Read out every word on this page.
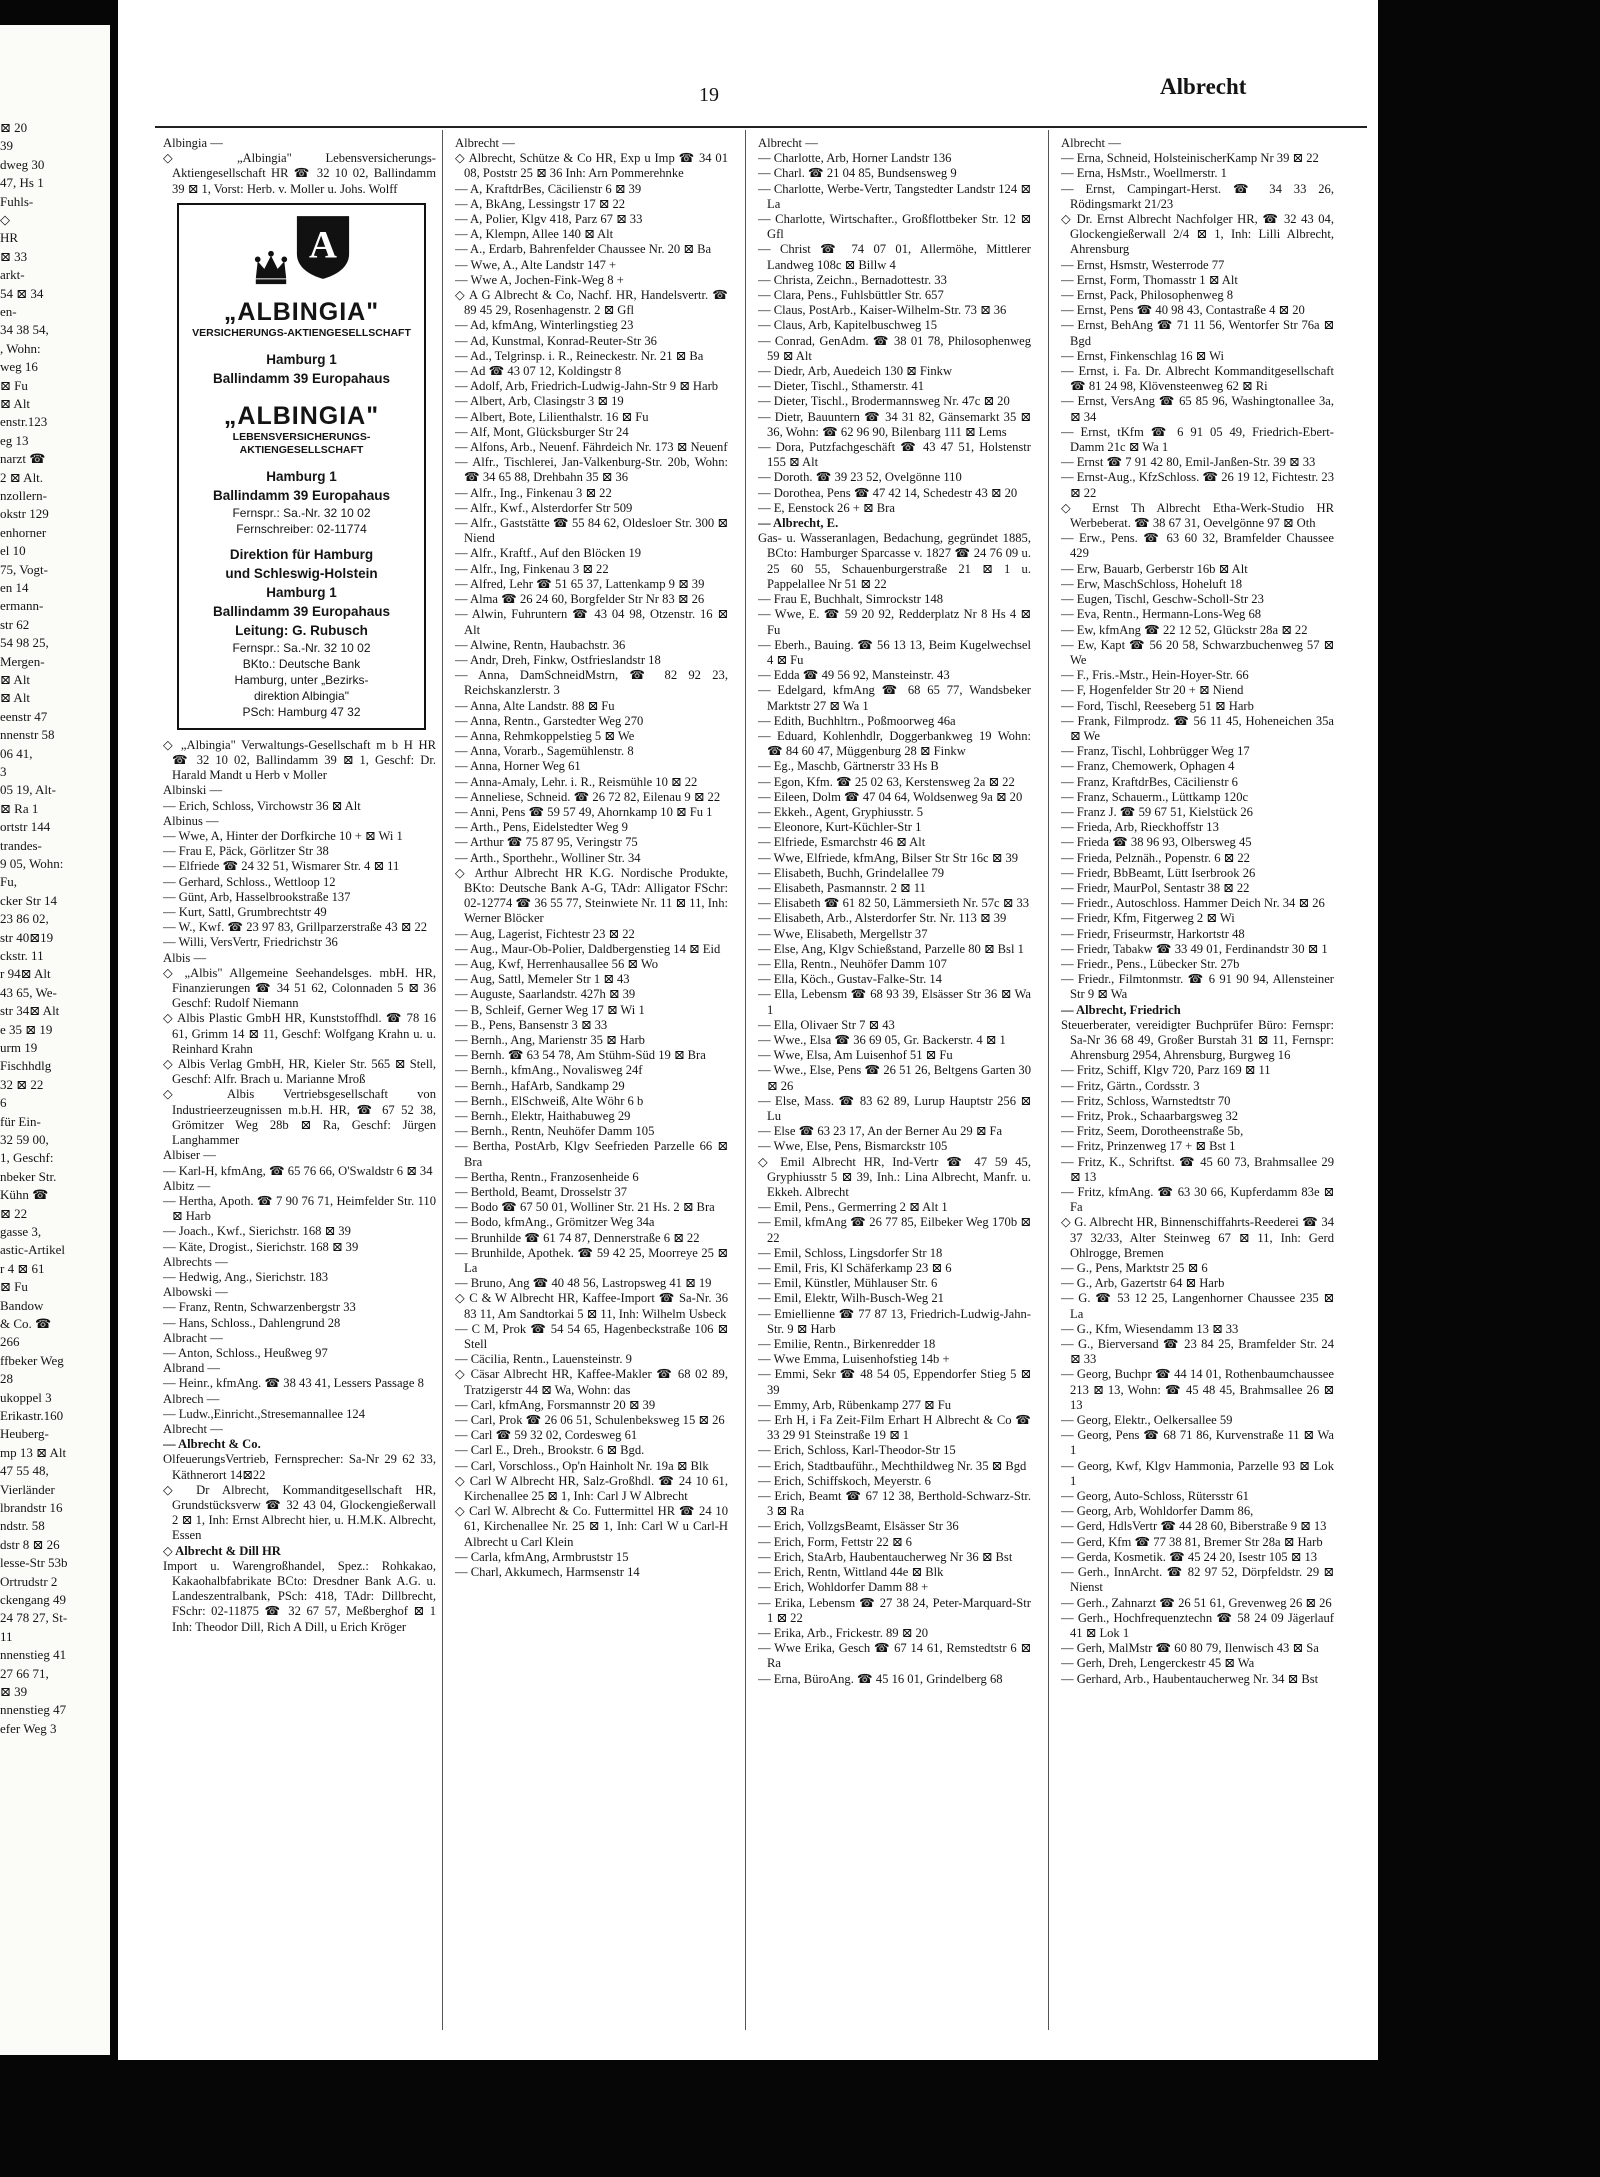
⊠ 20
39
dweg 30
47, Hs 1
Fuhls-
◇
HR
⊠ 33
arkt-
54 ⊠ 34
en-
34 38 54,
, Wohn:
weg 16
⊠ Fu
⊠ Alt
enstr.123
eg 13
narzt ☎
2 ⊠ Alt.
nzollern-
okstr 129
enhorner
el 10
75, Vogt-
en 14
ermann-
str 62
54 98 25,
Mergen-
⊠ Alt
⊠ Alt
eenstr 47
nnenstr 58
06 41,
3
05 19, Alt-
⊠ Ra 1
ortstr 144
trandes-
9 05, Wohn:
Fu,
cker Str 14
23 86 02,
str 40⊠19
ckstr. 11
r 94⊠ Alt
43 65, We-
str 34⊠ Alt
e 35 ⊠ 19
urm 19
Fischhdlg
32 ⊠ 22
6
für Ein-
32 59 00,
1, Geschf:
nbeker Str.
Kühn ☎
⊠ 22
gasse 3,
astic-Artikel
r 4 ⊠ 61
⊠ Fu
Bandow
& Co. ☎
266
ffbeker Weg
28
ukoppel 3
Erikastr.160
Heuberg-
mp 13 ⊠ Alt
47 55 48,
Vierländer
lbrandstr 16
ndstr. 58
dstr 8 ⊠ 26
lesse-Str 53b
Ortrudstr 2
ckengang 49
24 78 27, St-
11
nnenstieg 41
27 66 71,
⊠ 39
nnenstieg 47
efer Weg 3
19	Albrecht
Albingia —
◇ „Albingia" Lebensversicherungs-Aktiengesellschaft HR ☎ 32 10 02, Ballindamm 39 ⊠ 1, Vorst: Herb. v. Moller u. Johs. Wolff

A
„ALBINGIA"
VERSICHERUNGS-AKTIENGESELLSCHAFT
Hamburg 1
Ballindamm 39 Europahaus
„ALBINGIA"
LEBENSVERSICHERUNGS-
AKTIENGESELLSCHAFT
Hamburg 1
Ballindamm 39 Europahaus
Fernspr.: Sa.-Nr. 32 10 02
Fernschreiber: 02-11774
Direktion für Hamburg
und Schleswig-Holstein
Hamburg 1
Ballindamm 39 Europahaus
Leitung: G. Rubusch
Fernspr.: Sa.-Nr. 32 10 02
BKto.: Deutsche Bank
Hamburg, unter „Bezirks-
direktion Albingia"
PSch: Hamburg 47 32
◇ „Albingia" Verwaltungs-Gesellschaft m b H HR ☎ 32 10 02, Ballindamm 39 ⊠ 1, Geschf: Dr. Harald Mandt u Herb v Moller
Albinski —
— Erich, Schloss, Virchowstr 36 ⊠ Alt
Albinus —
— Wwe, A, Hinter der Dorfkirche 10 + ⊠ Wi 1
— Frau E, Päck, Görlitzer Str 38
— Elfriede ☎ 24 32 51, Wismarer Str. 4 ⊠ 11
— Gerhard, Schloss., Wettloop 12
— Günt, Arb, Hasselbrookstraße 137
— Kurt, Sattl, Grumbrechtstr 49
— W., Kwf. ☎ 23 97 83, Grillparzerstraße 43 ⊠ 22
— Willi, VersVertr, Friedrichstr 36
Albis —
◇ „Albis" Allgemeine Seehandelsges. mbH. HR, Finanzierungen ☎ 34 51 62, Colonnaden 5 ⊠ 36 Geschf: Rudolf Niemann
◇ Albis Plastic GmbH HR, Kunststoffhdl. ☎ 78 16 61, Grimm 14 ⊠ 11, Geschf: Wolfgang Krahn u. u. Reinhard Krahn
◇ Albis Verlag GmbH, HR, Kieler Str. 565 ⊠ Stell, Geschf: Alfr. Brach u. Marianne Mroß
◇ Albis Vertriebsgesellschaft von Industrieerzeugnissen m.b.H. HR, ☎ 67 52 38, Grömitzer Weg 28b ⊠ Ra, Geschf: Jürgen Langhammer
Albiser —
— Karl-H, kfmAng, ☎ 65 76 66, O'Swaldstr 6 ⊠ 34
Albitz —
— Hertha, Apoth. ☎ 7 90 76 71, Heimfelder Str. 110 ⊠ Harb
— Joach., Kwf., Sierichstr. 168 ⊠ 39
— Käte, Drogist., Sierichstr. 168 ⊠ 39
Albrechts —
— Hedwig, Ang., Sierichstr. 183
Albowski —
— Franz, Rentn, Schwarzenbergstr 33
— Hans, Schloss., Dahlengrund 28
Albracht —
— Anton, Schloss., Heußweg 97
Albrand —
— Heinr., kfmAng. ☎ 38 43 41, Lessers Passage 8
Albrech —
— Ludw.,Einricht.,Stresemannallee 124
Albrecht —
— Albrecht & Co.
OlfeuerungsVertrieb, Fernsprecher: Sa-Nr 29 62 33, Käthnerort 14⊠22
◇ Dr Albrecht, Kommanditgesellschaft HR, Grundstücksverw ☎ 32 43 04, Glockengießerwall 2 ⊠ 1, Inh: Ernst Albrecht hier, u. H.M.K. Albrecht, Essen
◇ Albrecht & Dill HR
Import u. Warengroßhandel, Spez.: Rohkakao, Kakaohalbfabrikate BCto: Dresdner Bank A.G. u. Landeszentralbank, PSch: 418, TAdr: Dillbrecht, FSchr: 02-11875 ☎ 32 67 57, Meßberghof ⊠ 1 Inh: Theodor Dill, Rich A Dill, u Erich Kröger
Albrecht —
◇ Albrecht, Schütze & Co HR, Exp u Imp ☎ 34 01 08, Poststr 25 ⊠ 36 Inh: Arn Pommerehnke
— A, KraftdrBes, Cäcilienstr 6 ⊠ 39
— A, BkAng, Lessingstr 17 ⊠ 22
— A, Polier, Klgv 418, Parz 67 ⊠ 33
— A, Klempn, Allee 140 ⊠ Alt
— A., Erdarb, Bahrenfelder Chaussee Nr. 20 ⊠ Ba
— Wwe, A., Alte Landstr 147 +
— Wwe A, Jochen-Fink-Weg 8 +
◇ A G Albrecht & Co, Nachf. HR, Handelsvertr. ☎ 89 45 29, Rosenhagenstr. 2 ⊠ Gfl
— Ad, kfmAng, Winterlingstieg 23
— Ad, Kunstmal, Konrad-Reuter-Str 36
— Ad., Telgrinsp. i. R., Reineckestr. Nr. 21 ⊠ Ba
— Ad ☎ 43 07 12, Koldingstr 8
— Adolf, Arb, Friedrich-Ludwig-Jahn-Str 9 ⊠ Harb
— Albert, Arb, Clasingstr 3 ⊠ 19
— Albert, Bote, Lilienthalstr. 16 ⊠ Fu
— Alf, Mont, Glücksburger Str 24
— Alfons, Arb., Neuenf. Fährdeich Nr. 173 ⊠ Neuenf
— Alfr., Tischlerei, Jan-Valkenburg-Str. 20b, Wohn: ☎ 34 65 88, Drehbahn 35 ⊠ 36
— Alfr., Ing., Finkenau 3 ⊠ 22
— Alfr., Kwf., Alsterdorfer Str 509
— Alfr., Gaststätte ☎ 55 84 62, Oldesloer Str. 300 ⊠ Niend
— Alfr., Kraftf., Auf den Blöcken 19
— Alfr., Ing, Finkenau 3 ⊠ 22
— Alfred, Lehr ☎ 51 65 37, Lattenkamp 9 ⊠ 39
— Alma ☎ 26 24 60, Borgfelder Str Nr 83 ⊠ 26
— Alwin, Fuhruntern ☎ 43 04 98, Otzenstr. 16 ⊠ Alt
— Alwine, Rentn, Haubachstr. 36
— Andr, Dreh, Finkw, Ostfrieslandstr 18
— Anna, DamSchneidMstrn, ☎ 82 92 23, Reichskanzlerstr. 3
— Anna, Alte Landstr. 88 ⊠ Fu
— Anna, Rentn., Garstedter Weg 270
— Anna, Rehmkoppelstieg 5 ⊠ We
— Anna, Vorarb., Sagemühlenstr. 8
— Anna, Horner Weg 61
— Anna-Amaly, Lehr. i. R., Reismühle 10 ⊠ 22
— Anneliese, Schneid. ☎ 26 72 82, Eilenau 9 ⊠ 22
— Anni, Pens ☎ 59 57 49, Ahornkamp 10 ⊠ Fu 1
— Arth., Pens, Eidelstedter Weg 9
— Arthur ☎ 75 87 95, Veringstr 75
— Arth., Sporthehr., Wolliner Str. 34
◇ Arthur Albrecht HR K.G. Nordische Produkte, BKto: Deutsche Bank A-G, TAdr: Alligator FSchr: 02-12774 ☎ 36 55 77, Steinwiete Nr. 11 ⊠ 11, Inh: Werner Blöcker
— Aug, Lagerist, Fichtestr 23 ⊠ 22
— Aug., Maur-Ob-Polier, Daldbergenstieg 14 ⊠ Eid
— Aug, Kwf, Herrenhausallee 56 ⊠ Wo
— Aug, Sattl, Memeler Str 1 ⊠ 43
— Auguste, Saarlandstr. 427h ⊠ 39
— B, Schleif, Gerner Weg 17 ⊠ Wi 1
— B., Pens, Bansenstr 3 ⊠ 33
— Bernh., Ang, Marienstr 35 ⊠ Harb
— Bernh. ☎ 63 54 78, Am Stühm-Süd 19 ⊠ Bra
— Bernh., kfmAng., Novalisweg 24f
— Bernh., HafArb, Sandkamp 29
— Bernh., ElSchweiß, Alte Wöhr 6 b
— Bernh., Elektr, Haithabuweg 29
— Bernh., Rentn, Neuhöfer Damm 105
— Bertha, PostArb, Klgv Seefrieden Parzelle 66 ⊠ Bra
— Bertha, Rentn., Franzosenheide 6
— Berthold, Beamt, Drosselstr 37
— Bodo ☎ 67 50 01, Wolliner Str. 21 Hs. 2 ⊠ Bra
— Bodo, kfmAng., Grömitzer Weg 34a
— Brunhilde ☎ 61 74 87, Dennerstraße 6 ⊠ 22
— Brunhilde, Apothek. ☎ 59 42 25, Moorreye 25 ⊠ La
— Bruno, Ang ☎ 40 48 56, Lastropsweg 41 ⊠ 19
◇ C & W Albrecht HR, Kaffee-Import ☎ Sa-Nr. 36 83 11, Am Sandtorkai 5 ⊠ 11, Inh: Wilhelm Usbeck
— C M, Prok ☎ 54 54 65, Hagenbeckstraße 106 ⊠ Stell
— Cäcilia, Rentn., Lauensteinstr. 9
◇ Cäsar Albrecht HR, Kaffee-Makler ☎ 68 02 89, Tratzigerstr 44 ⊠ Wa, Wohn: das
— Carl, kfmAng, Forsmannstr 20 ⊠ 39
— Carl, Prok ☎ 26 06 51, Schulenbeksweg 15 ⊠ 26
— Carl ☎ 59 32 02, Cordesweg 61
— Carl E., Dreh., Brookstr. 6 ⊠ Bgd.
— Carl, Vorschloss., Op'n Hainholt Nr. 19a ⊠ Blk
◇ Carl W Albrecht HR, Salz-Großhdl. ☎ 24 10 61, Kirchenallee 25 ⊠ 1, Inh: Carl J W Albrecht
◇ Carl W. Albrecht & Co. Futtermittel HR ☎ 24 10 61, Kirchenallee Nr. 25 ⊠ 1, Inh: Carl W u Carl-H Albrecht u Carl Klein
— Carla, kfmAng, Armbruststr 15
— Charl, Akkumech, Harmsenstr 14
Albrecht —
— Charlotte, Arb, Horner Landstr 136
— Charl. ☎ 21 04 85, Bundsensweg 9
— Charlotte, Werbe-Vertr, Tangstedter Landstr 124 ⊠ La
— Charlotte, Wirtschafter., Großflottbeker Str. 12 ⊠ Gfl
— Christ ☎ 74 07 01, Allermöhe, Mittlerer Landweg 108c ⊠ Billw 4
— Christa, Zeichn., Bernadottestr. 33
— Clara, Pens., Fuhlsbüttler Str. 657
— Claus, PostArb., Kaiser-Wilhelm-Str. 73 ⊠ 36
— Claus, Arb, Kapitelbuschweg 15
— Conrad, GenAdm. ☎ 38 01 78, Philosophenweg 59 ⊠ Alt
— Diedr, Arb, Auedeich 130 ⊠ Finkw
— Dieter, Tischl., Sthamerstr. 41
— Dieter, Tischl., Brodermannsweg Nr. 47c ⊠ 20
— Dietr, Bauuntern ☎ 34 31 82, Gänsemarkt 35 ⊠ 36, Wohn: ☎ 62 96 90, Bilenbarg 111 ⊠ Lems
— Dora, Putzfachgeschäft ☎ 43 47 51, Holstenstr 155 ⊠ Alt
— Doroth. ☎ 39 23 52, Ovelgönne 110
— Dorothea, Pens ☎ 47 42 14, Schedestr 43 ⊠ 20
— E, Eenstock 26 + ⊠ Bra
— Albrecht, E.
Gas- u. Wasseranlagen, Bedachung, gegründet 1885, BCto: Hamburger Sparcasse v. 1827 ☎ 24 76 09 u. 25 60 55, Schauenburgerstraße 21 ⊠ 1 u. Pappelallee Nr 51 ⊠ 22
— Frau E, Buchhalt, Simrockstr 148
— Wwe, E. ☎ 59 20 92, Redderplatz Nr 8 Hs 4 ⊠ Fu
— Eberh., Bauing. ☎ 56 13 13, Beim Kugelwechsel 4 ⊠ Fu
— Edda ☎ 49 56 92, Mansteinstr. 43
— Edelgard, kfmAng ☎ 68 65 77, Wandsbeker Marktstr 27 ⊠ Wa 1
— Edith, Buchhltrn., Poßmoorweg 46a
— Eduard, Kohlenhdlr, Doggerbankweg 19 Wohn: ☎ 84 60 47, Müggenburg 28 ⊠ Finkw
— Eg., Maschb, Gärtnerstr 33 Hs B
— Egon, Kfm. ☎ 25 02 63, Kerstensweg 2a ⊠ 22
— Eileen, Dolm ☎ 47 04 64, Woldsenweg 9a ⊠ 20
— Ekkeh., Agent, Gryphiusstr. 5
— Eleonore, Kurt-Küchler-Str 1
— Elfriede, Esmarchstr 46 ⊠ Alt
— Wwe, Elfriede, kfmAng, Bilser Str Str 16c ⊠ 39
— Elisabeth, Buchh, Grindelallee 79
— Elisabeth, Pasmannstr. 2 ⊠ 11
— Elisabeth ☎ 61 82 50, Lämmersieth Nr. 57c ⊠ 33
— Elisabeth, Arb., Alsterdorfer Str. Nr. 113 ⊠ 39
— Wwe, Elisabeth, Mergellstr 37
— Else, Ang, Klgv Schießstand, Parzelle 80 ⊠ Bsl 1
— Ella, Rentn., Neuhöfer Damm 107
— Ella, Köch., Gustav-Falke-Str. 14
— Ella, Lebensm ☎ 68 93 39, Elsässer Str 36 ⊠ Wa 1
— Ella, Olivaer Str 7 ⊠ 43
— Wwe., Elsa ☎ 36 69 05, Gr. Backerstr. 4 ⊠ 1
— Wwe, Elsa, Am Luisenhof 51 ⊠ Fu
— Wwe., Else, Pens ☎ 26 51 26, Beltgens Garten 30 ⊠ 26
— Else, Mass. ☎ 83 62 89, Lurup Hauptstr 256 ⊠ Lu
— Else ☎ 63 23 17, An der Berner Au 29 ⊠ Fa
— Wwe, Else, Pens, Bismarckstr 105
◇ Emil Albrecht HR, Ind-Vertr ☎ 47 59 45, Gryphiusstr 5 ⊠ 39, Inh.: Lina Albrecht, Manfr. u. Ekkeh. Albrecht
— Emil, Pens., Germerring 2 ⊠ Alt 1
— Emil, kfmAng ☎ 26 77 85, Eilbeker Weg 170b ⊠ 22
— Emil, Schloss, Lingsdorfer Str 18
— Emil, Fris, Kl Schäferkamp 23 ⊠ 6
— Emil, Künstler, Mühlauser Str. 6
— Emil, Elektr, Wilh-Busch-Weg 21
— Emiellienne ☎ 77 87 13, Friedrich-Ludwig-Jahn-Str. 9 ⊠ Harb
— Emilie, Rentn., Birkenredder 18
— Wwe Emma, Luisenhofstieg 14b +
— Emmi, Sekr ☎ 48 54 05, Eppendorfer Stieg 5 ⊠ 39
— Emmy, Arb, Rübenkamp 277 ⊠ Fu
— Erh H, i Fa Zeit-Film Erhart H Albrecht & Co ☎ 33 29 91 Steinstraße 19 ⊠ 1
— Erich, Schloss, Karl-Theodor-Str 15
— Erich, Stadtbauführ., Mechthildweg Nr. 35 ⊠ Bgd
— Erich, Schiffskoch, Meyerstr. 6
— Erich, Beamt ☎ 67 12 38, Berthold-Schwarz-Str. 3 ⊠ Ra
— Erich, VollzgsBeamt, Elsässer Str 36
— Erich, Form, Fettstr 22 ⊠ 6
— Erich, StaArb, Haubentaucherweg Nr 36 ⊠ Bst
— Erich, Rentn, Wittland 44e ⊠ Blk
— Erich, Wohldorfer Damm 88 +
— Erika, Lebensm ☎ 27 38 24, Peter-Marquard-Str 1 ⊠ 22
— Erika, Arb., Frickestr. 89 ⊠ 20
— Wwe Erika, Gesch ☎ 67 14 61, Remstedtstr 6 ⊠ Ra
— Erna, BüroAng. ☎ 45 16 01, Grindelberg 68
Albrecht —
— Erna, Schneid, HolsteinischerKamp Nr 39 ⊠ 22
— Erna, HsMstr., Woellmerstr. 1
— Ernst, Campingart-Herst. ☎ 34 33 26, Rödingsmarkt 21/23
◇ Dr. Ernst Albrecht Nachfolger HR, ☎ 32 43 04, Glockengießerwall 2/4 ⊠ 1, Inh: Lilli Albrecht, Ahrensburg
— Ernst, Hsmstr, Westerrode 77
— Ernst, Form, Thomasstr 1 ⊠ Alt
— Ernst, Pack, Philosophenweg 8
— Ernst, Pens ☎ 40 98 43, Contastraße 4 ⊠ 20
— Ernst, BehAng ☎ 71 11 56, Wentorfer Str 76a ⊠ Bgd
— Ernst, Finkenschlag 16 ⊠ Wi
— Ernst, i. Fa. Dr. Albrecht Kommanditgesellschaft ☎ 81 24 98, Klövensteenweg 62 ⊠ Ri
— Ernst, VersAng ☎ 65 85 96, Washingtonallee 3a, ⊠ 34
— Ernst, tKfm ☎ 6 91 05 49, Friedrich-Ebert-Damm 21c ⊠ Wa 1
— Ernst ☎ 7 91 42 80, Emil-Janßen-Str. 39 ⊠ 33
— Ernst-Aug., KfzSchloss. ☎ 26 19 12, Fichtestr. 23 ⊠ 22
◇ Ernst Th Albrecht Etha-Werk-Studio HR Werbeberat. ☎ 38 67 31, Oevelgönne 97 ⊠ Oth
— Erw., Pens. ☎ 63 60 32, Bramfelder Chaussee 429
— Erw, Bauarb, Gerberstr 16b ⊠ Alt
— Erw, MaschSchloss, Hoheluft 18
— Eugen, Tischl, Geschw-Scholl-Str 23
— Eva, Rentn., Hermann-Lons-Weg 68
— Ew, kfmAng ☎ 22 12 52, Glückstr 28a ⊠ 22
— Ew, Kapt ☎ 56 20 58, Schwarzbuchenweg 57 ⊠ We
— F., Fris.-Mstr., Hein-Hoyer-Str. 66
— F, Hogenfelder Str 20 + ⊠ Niend
— Ford, Tischl, Reeseberg 51 ⊠ Harb
— Frank, Filmprodz. ☎ 56 11 45, Hoheneichen 35a ⊠ We
— Franz, Tischl, Lohbrügger Weg 17
— Franz, Chemowerk, Ophagen 4
— Franz, KraftdrBes, Cäcilienstr 6
— Franz, Schauerm., Lüttkamp 120c
— Franz J. ☎ 59 67 51, Kielstück 26
— Frieda, Arb, Rieckhoffstr 13
— Frieda ☎ 38 96 93, Olbersweg 45
— Frieda, Pelznäh., Popenstr. 6 ⊠ 22
— Friedr, BbBeamt, Lütt Iserbrook 26
— Friedr, MaurPol, Sentastr 38 ⊠ 22
— Friedr., Autoschloss. Hammer Deich Nr. 34 ⊠ 26
— Friedr, Kfm, Fitgerweg 2 ⊠ Wi
— Friedr, Friseurmstr, Harkortstr 48
— Friedr, Tabakw ☎ 33 49 01, Ferdinandstr 30 ⊠ 1
— Friedr., Pens., Lübecker Str. 27b
— Friedr., Filmtonmstr. ☎ 6 91 90 94, Allensteiner Str 9 ⊠ Wa
— Albrecht, Friedrich
Steuerberater, vereidigter Buchprüfer Büro: Fernspr: Sa-Nr 36 68 49, Großer Burstah 31 ⊠ 11, Fernspr: Ahrensburg 2954, Ahrensburg, Burgweg 16
— Fritz, Schiff, Klgv 720, Parz 169 ⊠ 11
— Fritz, Gärtn., Cordsstr. 3
— Fritz, Schloss, Warnstedtstr 70
— Fritz, Prok., Schaarbargsweg 32
— Fritz, Seem, Dorotheenstraße 5b,
— Fritz, Prinzenweg 17 + ⊠ Bst 1
— Fritz, K., Schriftst. ☎ 45 60 73, Brahmsallee 29 ⊠ 13
— Fritz, kfmAng. ☎ 63 30 66, Kupferdamm 83e ⊠ Fa
◇ G. Albrecht HR, Binnenschiffahrts-Reederei ☎ 34 37 32/33, Alter Steinweg 67 ⊠ 11, Inh: Gerd Ohlrogge, Bremen
— G., Pens, Marktstr 25 ⊠ 6
— G., Arb, Gazertstr 64 ⊠ Harb
— G. ☎ 53 12 25, Langenhorner Chaussee 235 ⊠ La
— G., Kfm, Wiesendamm 13 ⊠ 33
— G., Bierversand ☎ 23 84 25, Bramfelder Str. 24 ⊠ 33
— Georg, Buchpr ☎ 44 14 01, Rothenbaumchaussee 213 ⊠ 13, Wohn: ☎ 45 48 45, Brahmsallee 26 ⊠ 13
— Georg, Elektr., Oelkersallee 59
— Georg, Pens ☎ 68 71 86, Kurvenstraße 11 ⊠ Wa 1
— Georg, Kwf, Klgv Hammonia, Parzelle 93 ⊠ Lok 1
— Georg, Auto-Schloss, Rütersstr 61
— Georg, Arb, Wohldorfer Damm 86,
— Gerd, HdlsVertr ☎ 44 28 60, Biberstraße 9 ⊠ 13
— Gerd, Kfm ☎ 77 38 81, Bremer Str 28a ⊠ Harb
— Gerda, Kosmetik. ☎ 45 24 20, Isestr 105 ⊠ 13
— Gerh., InnArcht. ☎ 82 97 52, Dörpfeldstr. 29 ⊠ Nienst
— Gerh., Zahnarzt ☎ 26 51 61, Grevenweg 26 ⊠ 26
— Gerh., Hochfrequenztechn ☎ 58 24 09 Jägerlauf 41 ⊠ Lok 1
— Gerh, MalMstr ☎ 60 80 79, Ilenwisch 43 ⊠ Sa
— Gerh, Dreh, Lengerckestr 45 ⊠ Wa
— Gerhard, Arb., Haubentaucherweg Nr. 34 ⊠ Bst
